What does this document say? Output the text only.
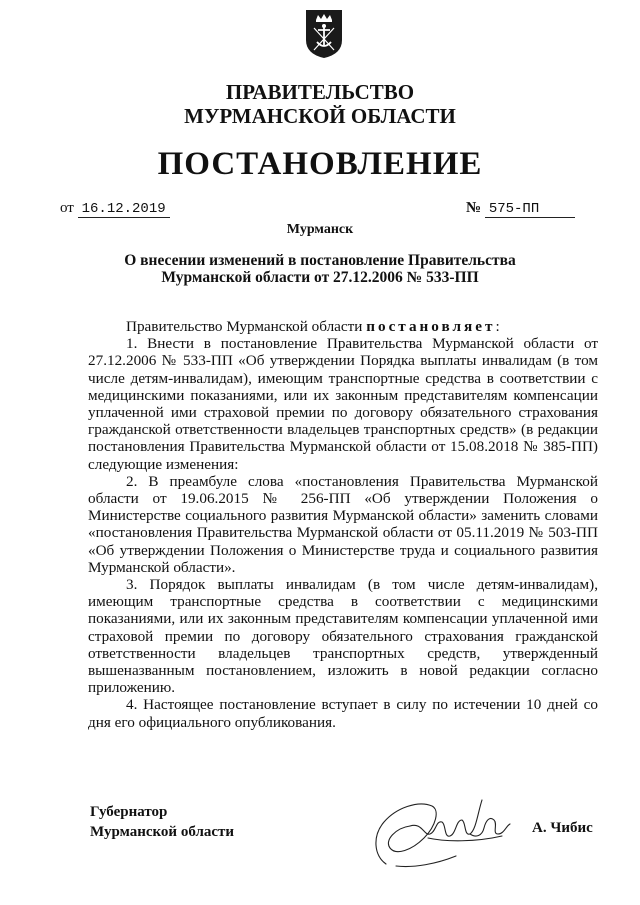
ПРАВИТЕЛЬСТВО
МУРМАНСКОЙ ОБЛАСТИ
ПОСТАНОВЛЕНИЕ
от 16.12.2019	№ 575-ПП
Мурманск
О внесении изменений в постановление Правительства
Мурманской области от 27.12.2006 № 533-ПП

Правительство Мурманской области постановляет:

1. Внести в постановление Правительства Мурманской области от 27.12.2006 № 533-ПП «Об утверждении Порядка выплаты инвалидам (в том числе детям-инвалидам), имеющим транспортные средства в соответствии с медицинскими показаниями, или их законным представителям компенсации уплаченной ими страховой премии по договору обязательного страхования гражданской ответственности владельцев транспортных средств» (в редакции постановления Правительства Мурманской области от 15.08.2018 № 385-ПП) следующие изменения:

2. В преамбуле слова «постановления Правительства Мурманской области от 19.06.2015 № 256-ПП «Об утверждении Положения о Министерстве социального развития Мурманской области» заменить словами «постановления Правительства Мурманской области от 05.11.2019 № 503-ПП «Об утверждении Положения о Министерстве труда и социального развития Мурманской области».

3. Порядок выплаты инвалидам (в том числе детям-инвалидам), имеющим транспортные средства в соответствии с медицинскими показаниями, или их законным представителям компенсации уплаченной ими страховой премии по договору обязательного страхования гражданской ответственности владельцев транспортных средств, утвержденный вышеназванным постановлением, изложить в новой редакции согласно приложению.

4. Настоящее постановление вступает в силу по истечении 10 дней со дня его официального опубликования.

Губернатор
Мурманской области	А. Чибис
